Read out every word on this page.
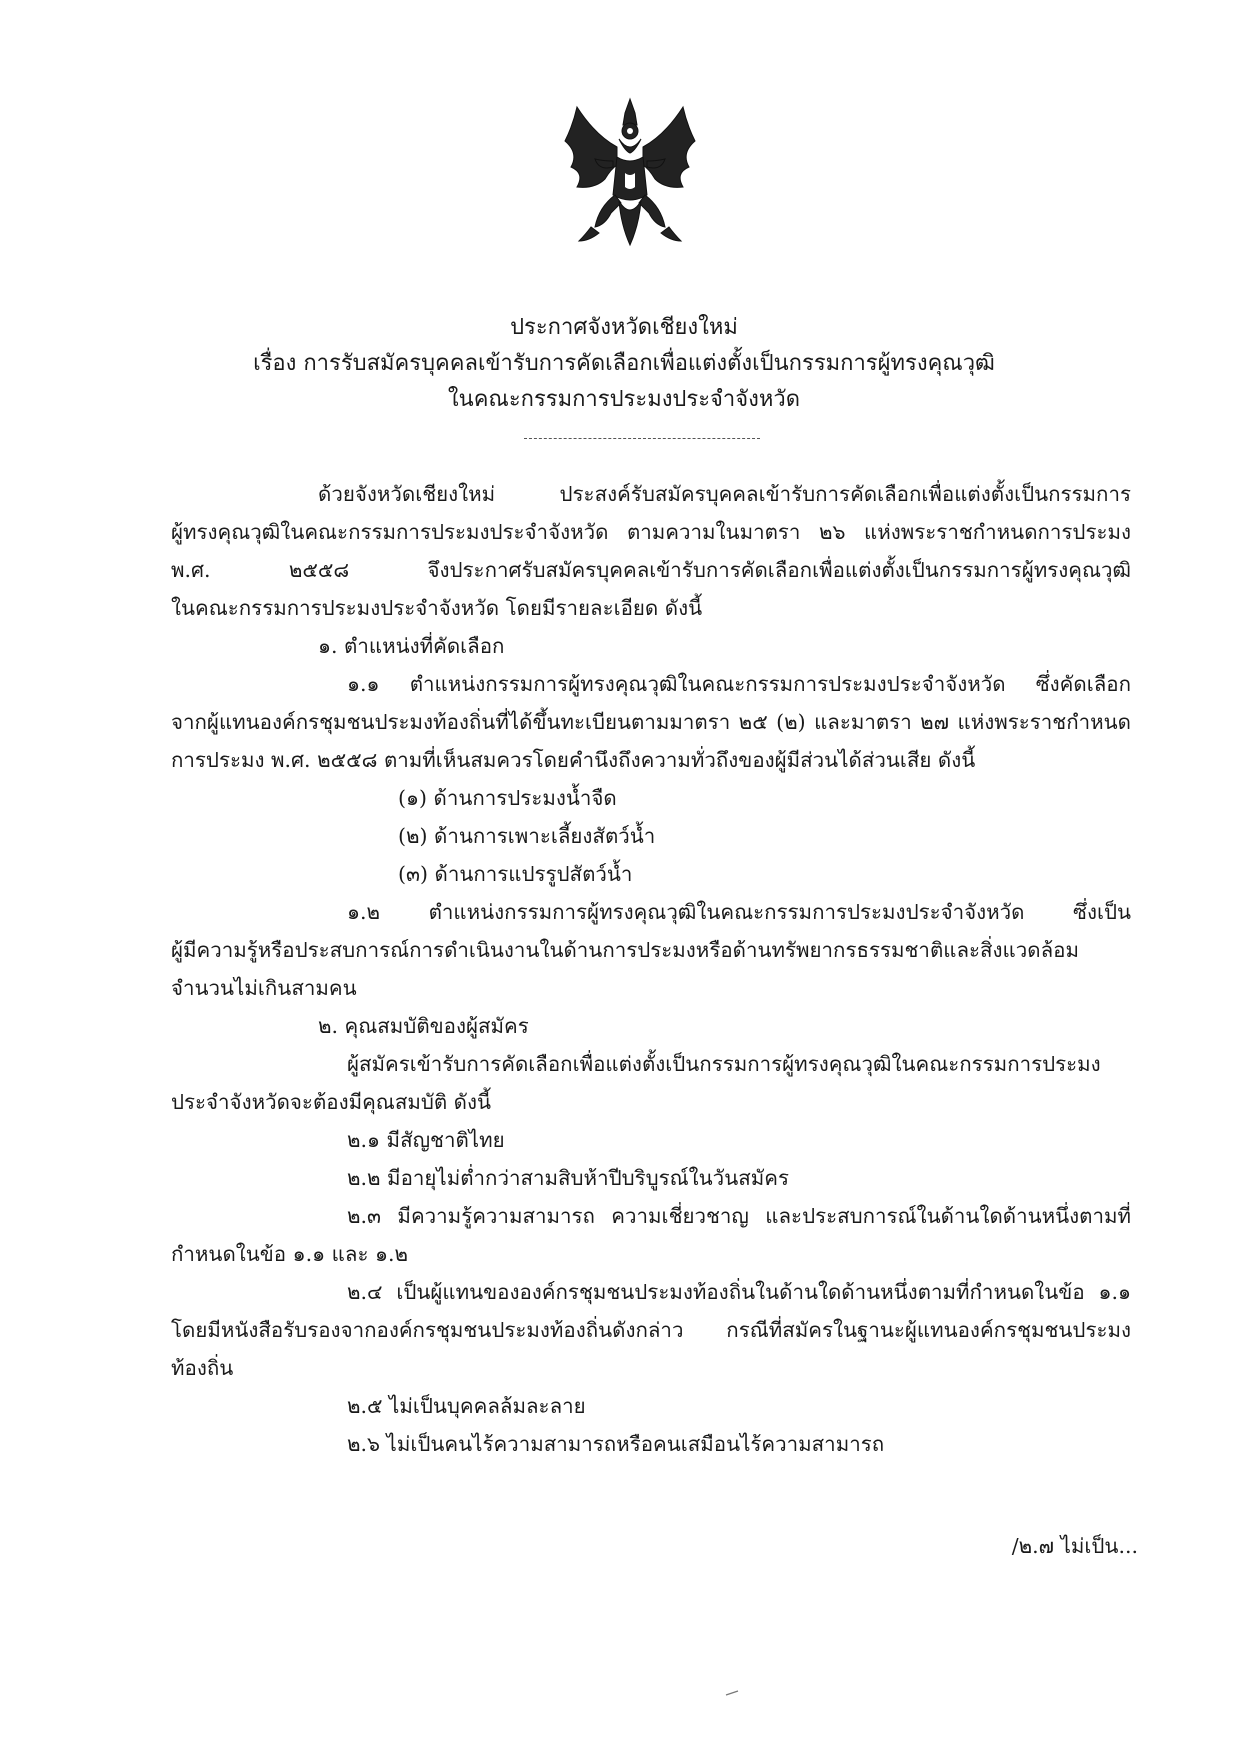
ประกาศจังหวัดเชียงใหม่
เรื่อง การรับสมัครบุคคลเข้ารับการคัดเลือกเพื่อแต่งตั้งเป็นกรรมการผู้ทรงคุณวุฒิ
ในคณะกรรมการประมงประจำจังหวัด
ด้วยจังหวัดเชียงใหม่ ประสงค์รับสมัครบุคคลเข้ารับการคัดเลือกเพื่อแต่งตั้งเป็นกรรมการ
ผู้ทรงคุณวุฒิในคณะกรรมการประมงประจำจังหวัด ตามความในมาตรา ๒๖ แห่งพระราชกำหนดการประมง
พ.ศ. ๒๕๕๘ จึงประกาศรับสมัครบุคคลเข้ารับการคัดเลือกเพื่อแต่งตั้งเป็นกรรมการผู้ทรงคุณวุฒิ
ในคณะกรรมการประมงประจำจังหวัด โดยมีรายละเอียด ดังนี้
๑. ตำแหน่งที่คัดเลือก
๑.๑ ตำแหน่งกรรมการผู้ทรงคุณวุฒิในคณะกรรมการประมงประจำจังหวัด ซึ่งคัดเลือก
จากผู้แทนองค์กรชุมชนประมงท้องถิ่นที่ได้ขึ้นทะเบียนตามมาตรา ๒๕ (๒) และมาตรา ๒๗ แห่งพระราชกำหนด
การประมง พ.ศ. ๒๕๕๘ ตามที่เห็นสมควรโดยคำนึงถึงความทั่วถึงของผู้มีส่วนได้ส่วนเสีย ดังนี้
(๑) ด้านการประมงน้ำจืด
(๒) ด้านการเพาะเลี้ยงสัตว์น้ำ
(๓) ด้านการแปรรูปสัตว์น้ำ
๑.๒ ตำแหน่งกรรมการผู้ทรงคุณวุฒิในคณะกรรมการประมงประจำจังหวัด ซึ่งเป็น
ผู้มีความรู้หรือประสบการณ์การดำเนินงานในด้านการประมงหรือด้านทรัพยากรธรรมชาติและสิ่งแวดล้อม
จำนวนไม่เกินสามคน
๒. คุณสมบัติของผู้สมัคร
ผู้สมัครเข้ารับการคัดเลือกเพื่อแต่งตั้งเป็นกรรมการผู้ทรงคุณวุฒิในคณะกรรมการประมง
ประจำจังหวัดจะต้องมีคุณสมบัติ ดังนี้
๒.๑ มีสัญชาติไทย
๒.๒ มีอายุไม่ต่ำกว่าสามสิบห้าปีบริบูรณ์ในวันสมัคร
๒.๓ มีความรู้ความสามารถ ความเชี่ยวชาญ และประสบการณ์ในด้านใดด้านหนึ่งตามที่
กำหนดในข้อ ๑.๑ และ ๑.๒
๒.๔ เป็นผู้แทนขององค์กรชุมชนประมงท้องถิ่นในด้านใดด้านหนึ่งตามที่กำหนดในข้อ ๑.๑
โดยมีหนังสือรับรองจากองค์กรชุมชนประมงท้องถิ่นดังกล่าว กรณีที่สมัครในฐานะผู้แทนองค์กรชุมชนประมง
ท้องถิ่น
๒.๕ ไม่เป็นบุคคลล้มละลาย
๒.๖ ไม่เป็นคนไร้ความสามารถหรือคนเสมือนไร้ความสามารถ
/๒.๗ ไม่เป็น...
